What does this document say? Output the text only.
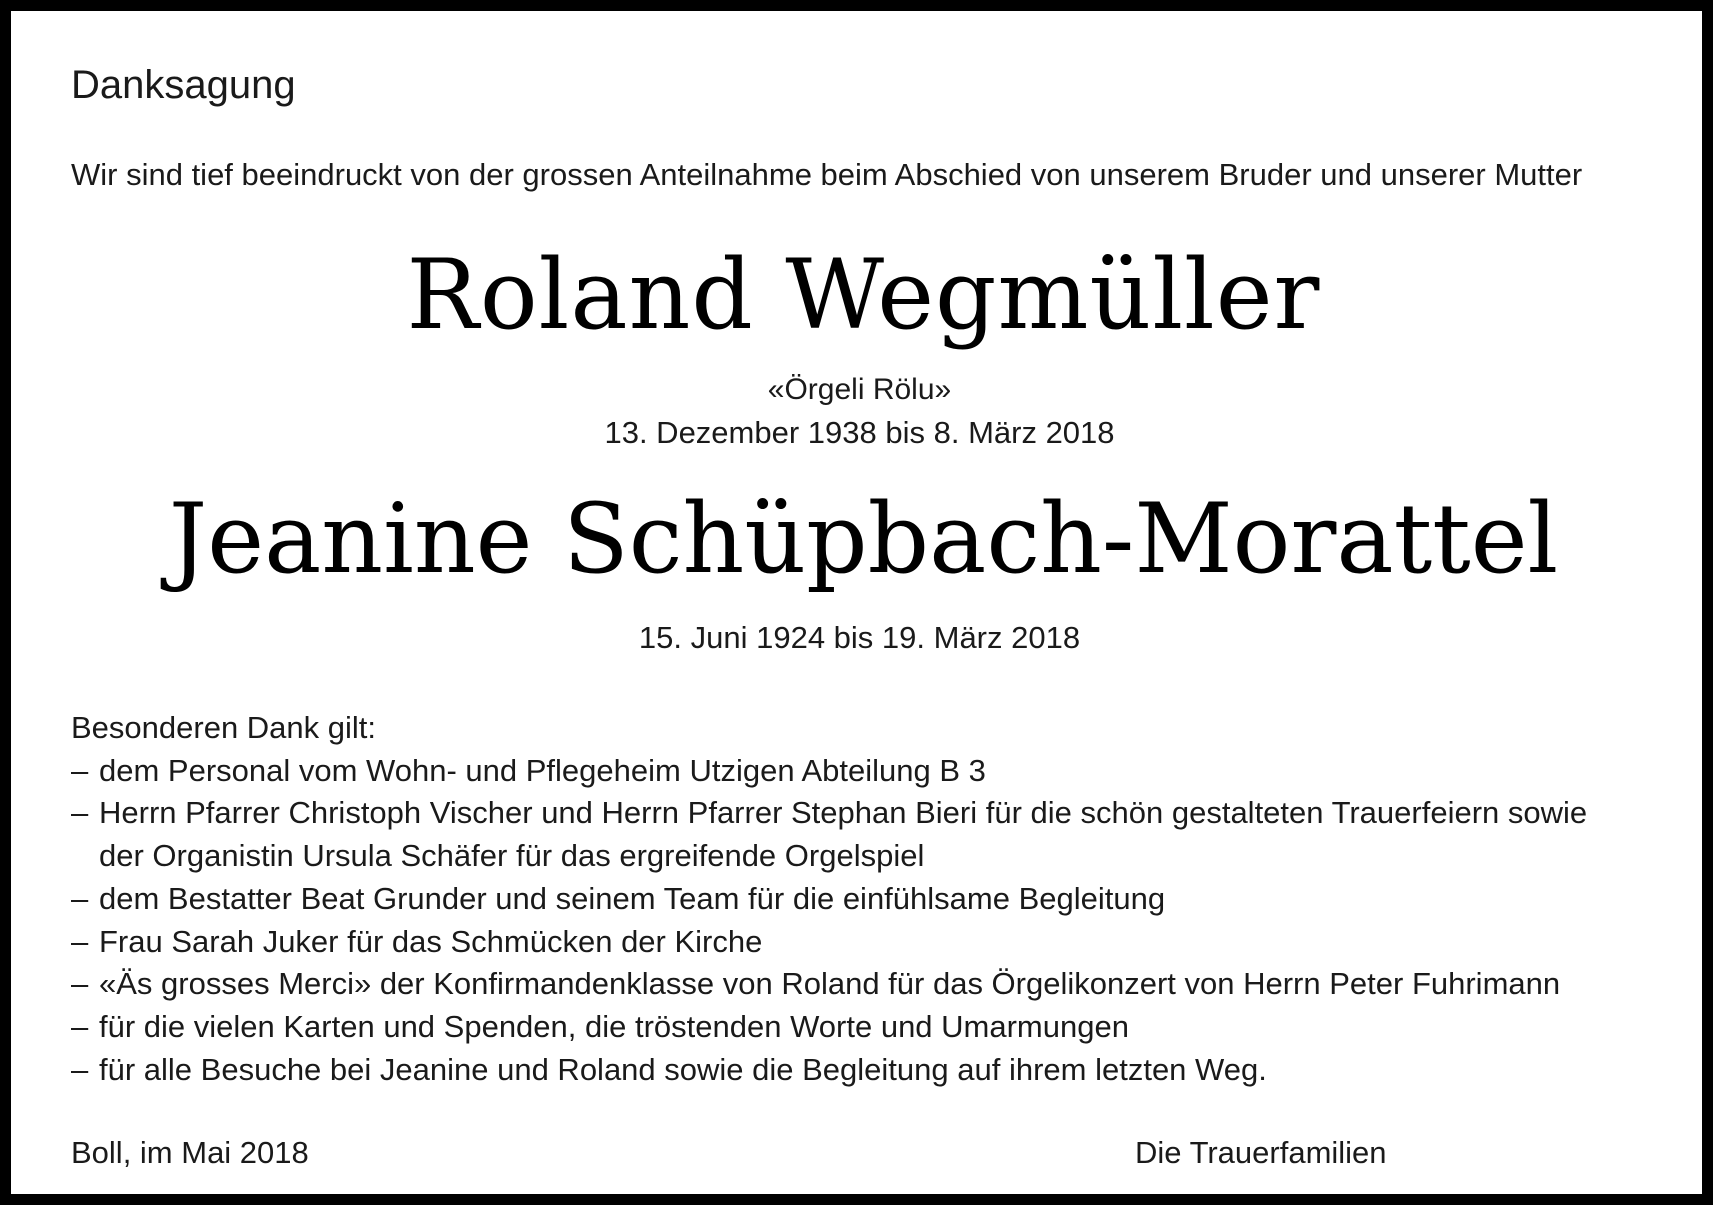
Danksagung
Wir sind tief beeindruckt von der grossen Anteilnahme beim Abschied von unserem Bruder und unserer Mutter
Roland Wegmüller
«Örgeli Rölu»
13. Dezember 1938 bis 8. März 2018
Jeanine Schüpbach-Morattel
15. Juni 1924 bis 19. März 2018
Besonderen Dank gilt:
– dem Personal vom Wohn- und Pflegeheim Utzigen Abteilung B 3
– Herrn Pfarrer Christoph Vischer und Herrn Pfarrer Stephan Bieri für die schön gestalteten Trauerfeiern sowie
der Organistin Ursula Schäfer für das ergreifende Orgelspiel
– dem Bestatter Beat Grunder und seinem Team für die einfühlsame Begleitung
– Frau Sarah Juker für das Schmücken der Kirche
– «Äs grosses Merci» der Konfirmandenklasse von Roland für das Örgelikonzert von Herrn Peter Fuhrimann
– für die vielen Karten und Spenden, die tröstenden Worte und Umarmungen
– für alle Besuche bei Jeanine und Roland sowie die Begleitung auf ihrem letzten Weg.
Boll, im Mai 2018	Die Trauerfamilien
